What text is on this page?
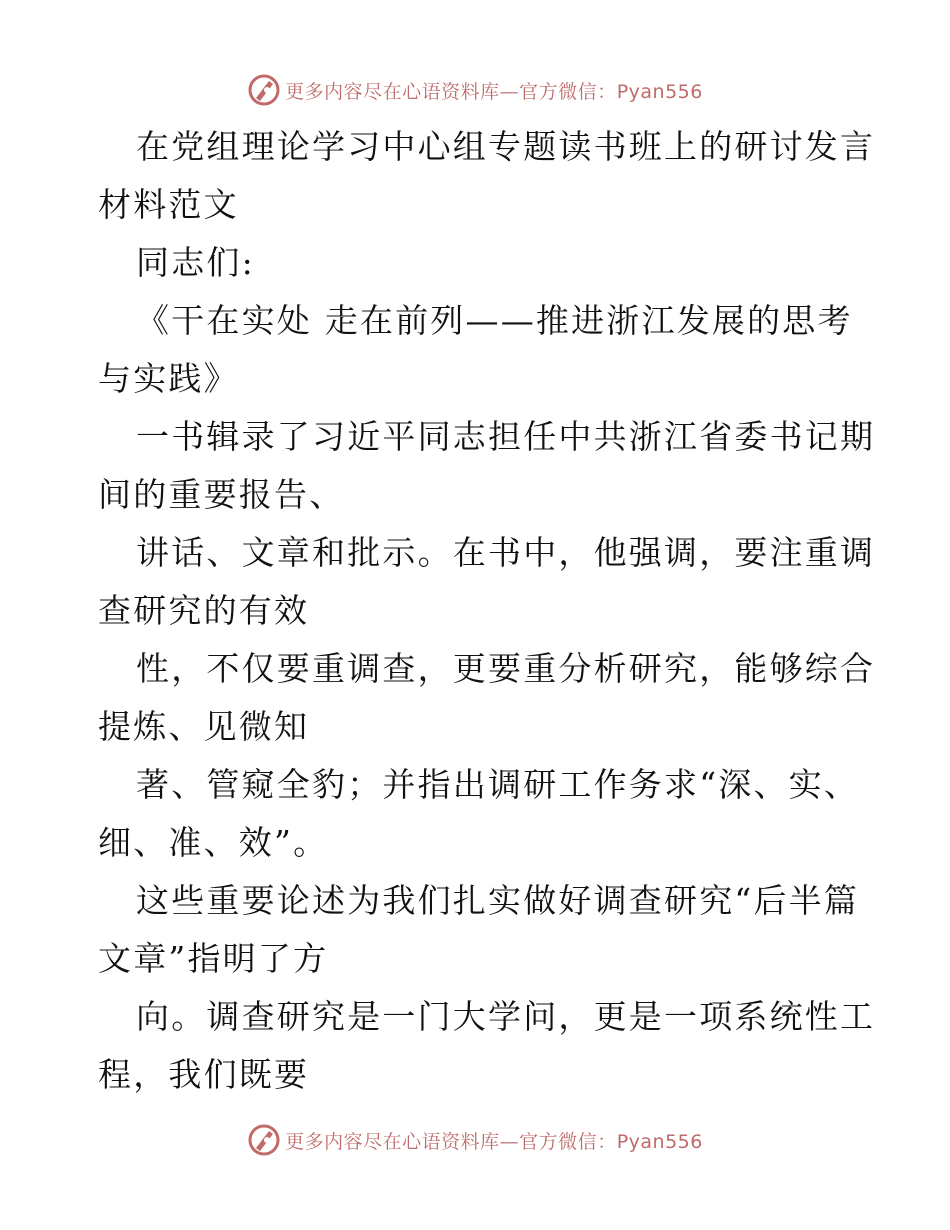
更多内容尽在心语资料库—官方微信：Pyan556
在党组理论学习中心组专题读书班上的研讨发言
材料范文
同志们:
《干在实处 走在前列——推进浙江发展的思考
与实践》
一书辑录了习近平同志担任中共浙江省委书记期
间的重要报告、
讲话、文章和批示。在书中，他强调，要注重调
查研究的有效
性，不仅要重调查，更要重分析研究，能够综合
提炼、见微知
著、管窥全豹；并指出调研工作务求“深、实、
细、准、效”。
这些重要论述为我们扎实做好调查研究“后半篇
文章”指明了方
向。调查研究是一门大学问，更是一项系统性工
程，我们既要
更多内容尽在心语资料库—官方微信：Pyan556
